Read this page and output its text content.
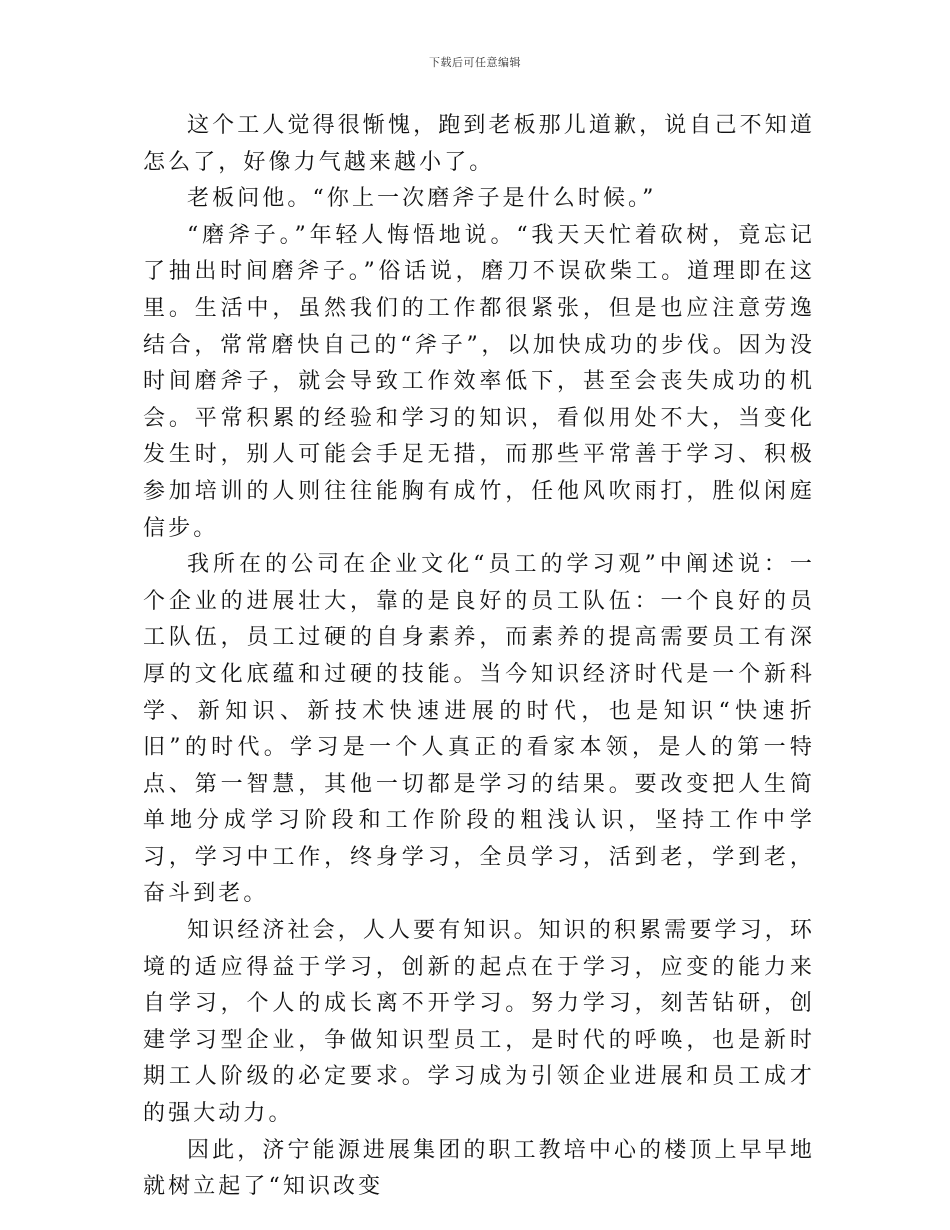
下载后可任意编辑

这个工人觉得很惭愧，跑到老板那儿道歉，说自己不知道怎么了，好像力气越来越小了。

老板问他。“你上一次磨斧子是什么时候。”

“磨斧子。”年轻人悔悟地说。“我天天忙着砍树，竟忘记了抽出时间磨斧子。”俗话说，磨刀不误砍柴工。道理即在这里。生活中，虽然我们的工作都很紧张，但是也应注意劳逸结合，常常磨快自己的“斧子”，以加快成功的步伐。因为没时间磨斧子，就会导致工作效率低下，甚至会丧失成功的机会。平常积累的经验和学习的知识，看似用处不大，当变化发生时，别人可能会手足无措，而那些平常善于学习、积极参加培训的人则往往能胸有成竹，任他风吹雨打，胜似闲庭信步。

我所在的公司在企业文化“员工的学习观”中阐述说：一个企业的进展壮大，靠的是良好的员工队伍：一个良好的员工队伍，员工过硬的自身素养，而素养的提高需要员工有深厚的文化底蕴和过硬的技能。当今知识经济时代是一个新科学、新知识、新技术快速进展的时代，也是知识“快速折旧”的时代。学习是一个人真正的看家本领，是人的第一特点、第一智慧，其他一切都是学习的结果。要改变把人生简单地分成学习阶段和工作阶段的粗浅认识，坚持工作中学习，学习中工作，终身学习，全员学习，活到老，学到老，奋斗到老。

知识经济社会，人人要有知识。知识的积累需要学习，环境的适应得益于学习，创新的起点在于学习，应变的能力来自学习，个人的成长离不开学习。努力学习，刻苦钻研，创建学习型企业，争做知识型员工，是时代的呼唤，也是新时期工人阶级的必定要求。学习成为引领企业进展和员工成才的强大动力。

因此，济宁能源进展集团的职工教培中心的楼顶上早早地就树立起了“知识改变
